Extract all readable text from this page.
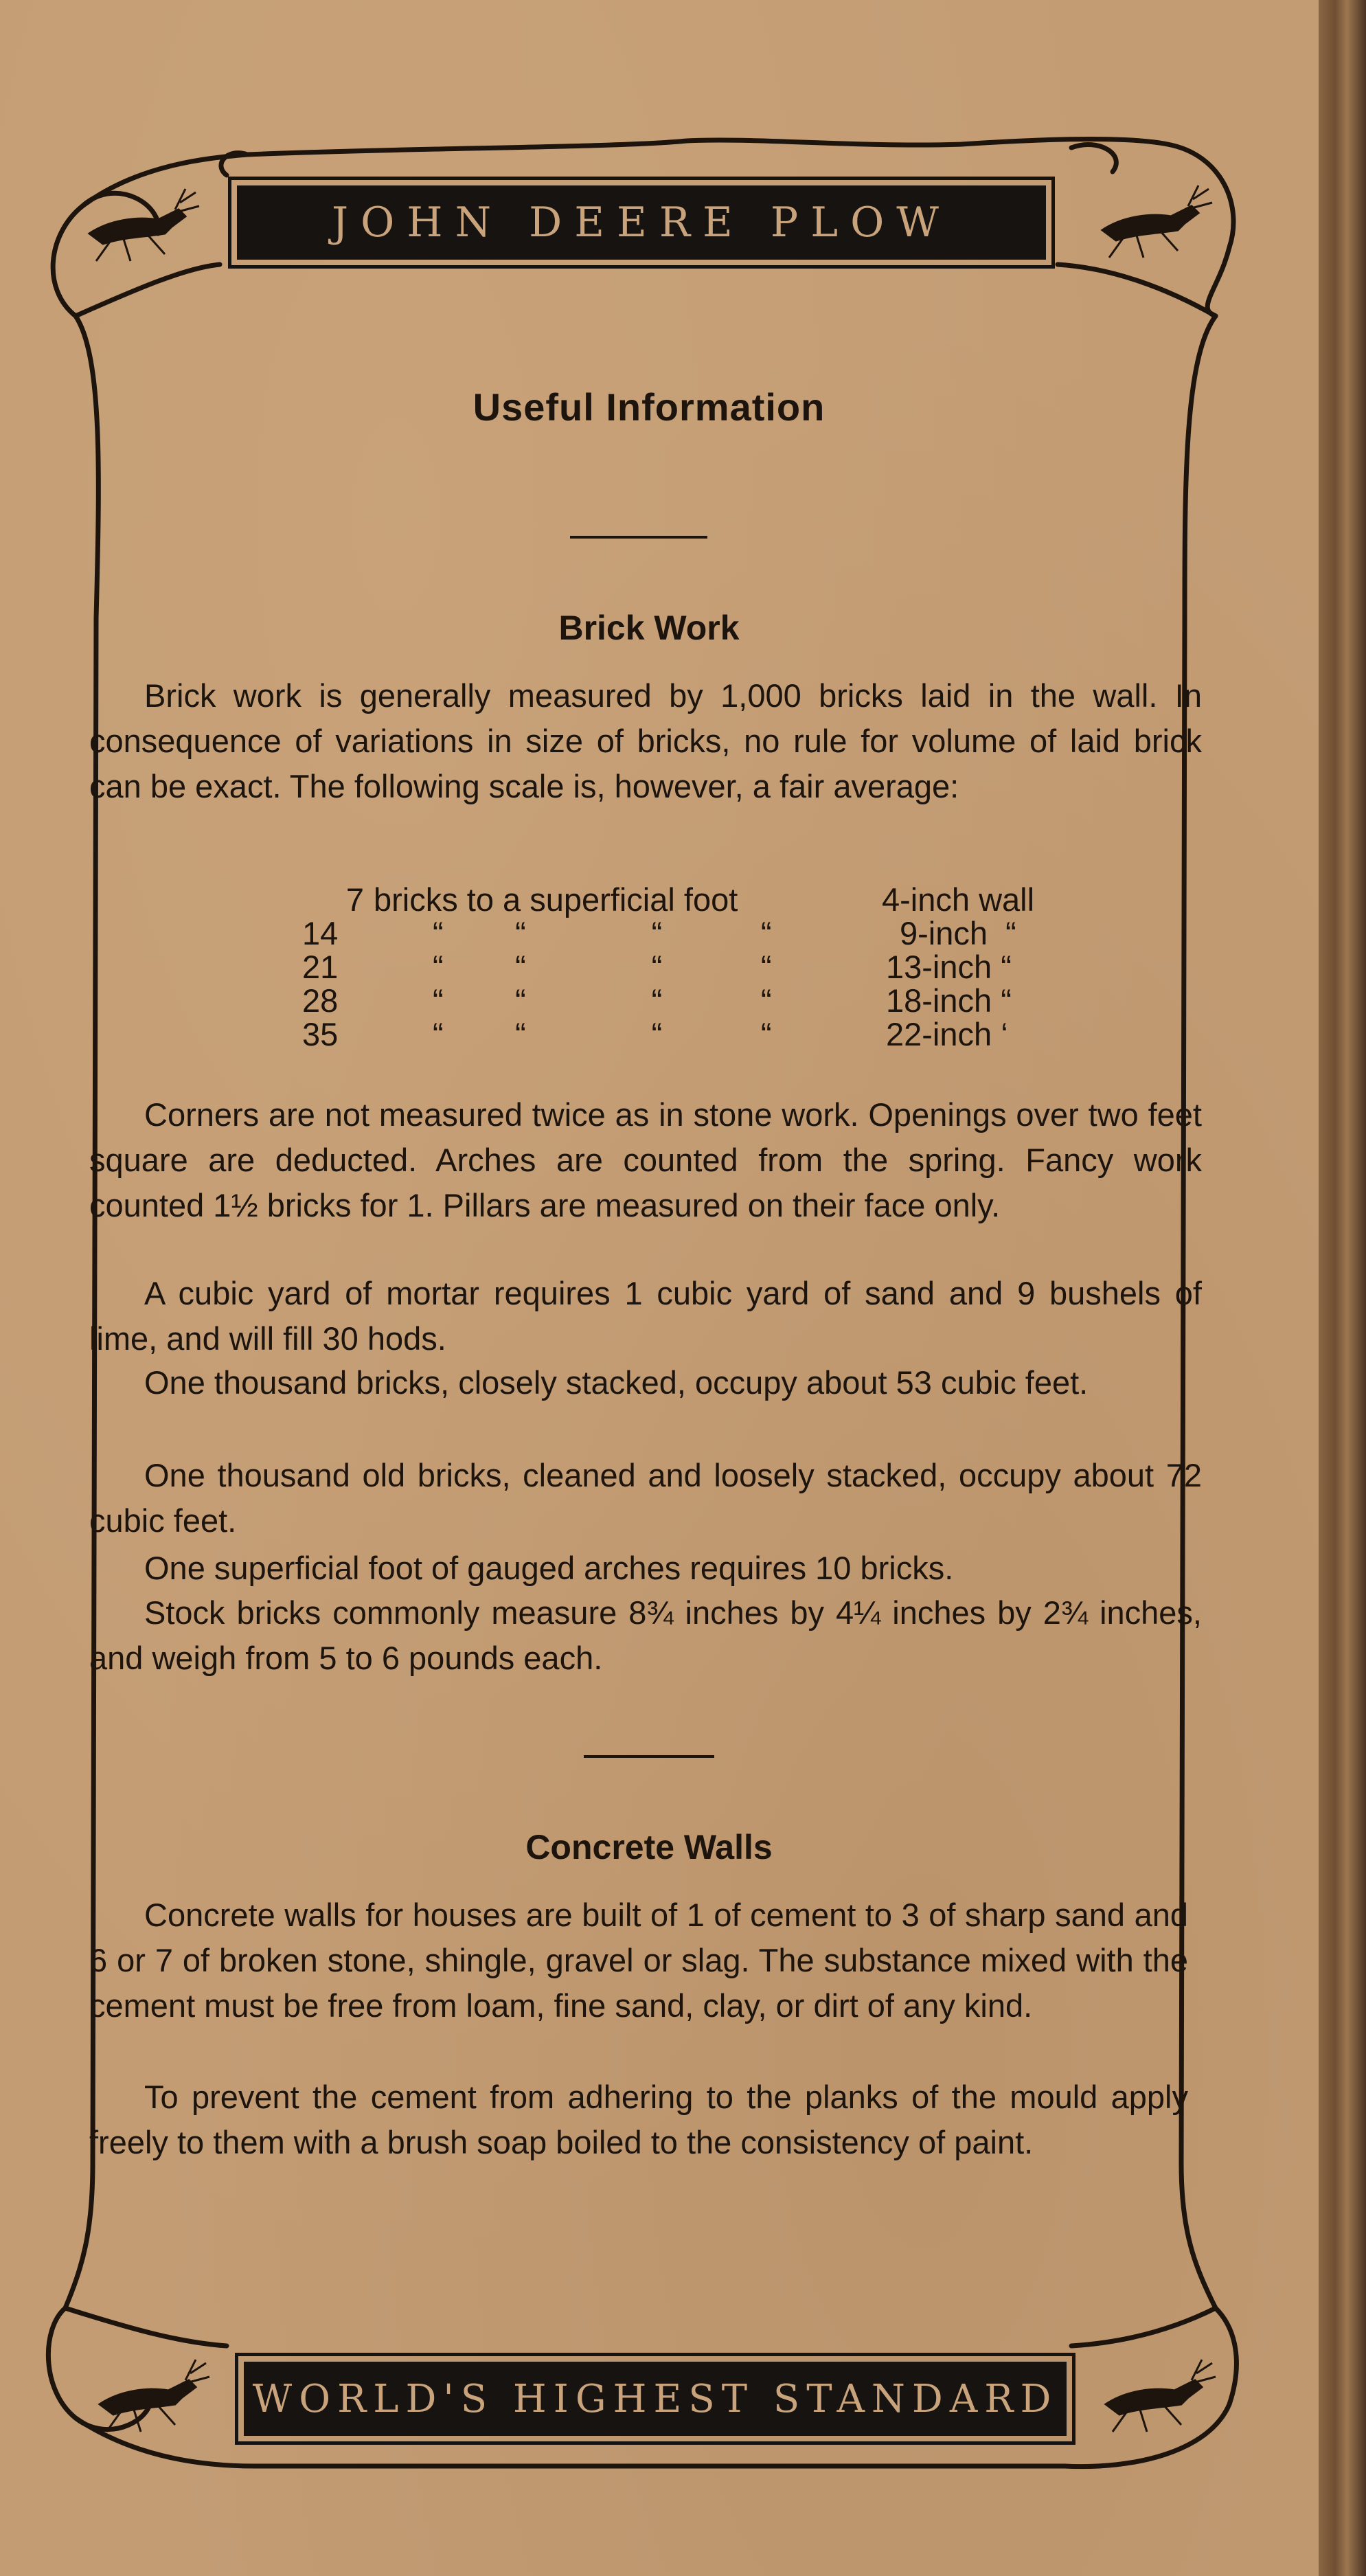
JOHN DEERE PLOW
WORLD'S HIGHEST STANDARD
Useful Information
Brick Work

Brick work is generally measured by 1,000 bricks laid in the wall. In consequence of variations in size of bricks, no rule for volume of laid brick can be exact. The following scale is, however, a fair average:

7 bricks to a superficial foot	4-inch wall
14	“        “              “           “	9-inch  “
21	“        “              “           “	13-inch “
28	“        “              “           “	18-inch “
35	“        “              “           “	22-inch ‘

Corners are not measured twice as in stone work. Openings over two feet square are deducted. Arches are counted from the spring. Fancy work counted 1½ bricks for 1. Pillars are measured on their face only.

A cubic yard of mortar requires 1 cubic yard of sand and 9 bushels of lime, and will fill 30 hods.

One thousand bricks, closely stacked, occupy about 53 cubic feet.

One thousand old bricks, cleaned and loosely stacked, occupy about 72 cubic feet.

One superficial foot of gauged arches requires 10 bricks.

Stock bricks commonly measure 8¾ inches by 4¼ inches by 2¾ inches, and weigh from 5 to 6 pounds each.

Concrete Walls

Concrete walls for houses are built of 1 of cement to 3 of sharp sand and 6 or 7 of broken stone, shingle, gravel or slag. The substance mixed with the cement must be free from loam, fine sand, clay, or dirt of any kind.

To prevent the cement from adhering to the planks of the mould apply freely to them with a brush soap boiled to the consistency of paint.
